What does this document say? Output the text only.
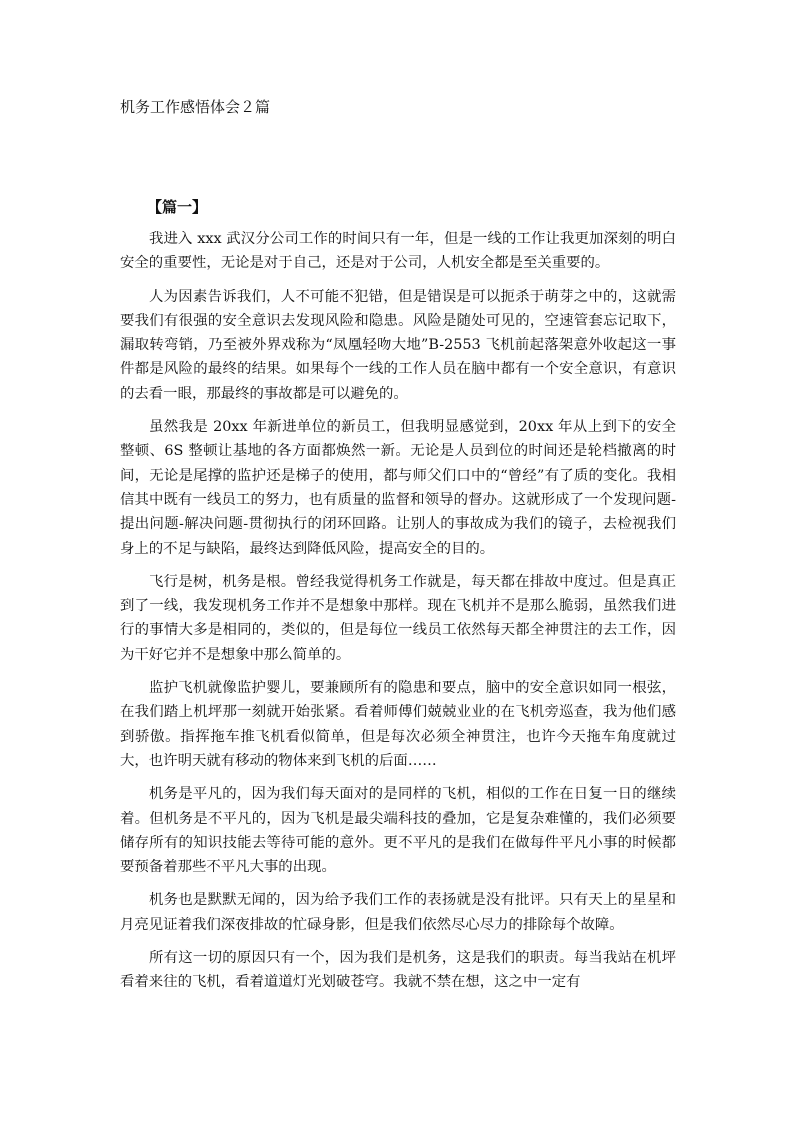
机务工作感悟体会２篇
【篇一】

我进入 xxx 武汉分公司工作的时间只有一年，但是一线的工作让我更加深刻的明白安全的重要性，无论是对于自己，还是对于公司，人机安全都是至关重要的。

人为因素告诉我们，人不可能不犯错，但是错误是可以扼杀于萌芽之中的，这就需要我们有很强的安全意识去发现风险和隐患。风险是随处可见的，空速管套忘记取下，漏取转弯销，乃至被外界戏称为“凤凰轻吻大地”B-2553 飞机前起落架意外收起这一事件都是风险的最终的结果。如果每个一线的工作人员在脑中都有一个安全意识，有意识的去看一眼，那最终的事故都是可以避免的。

虽然我是 20xx 年新进单位的新员工，但我明显感觉到，20xx 年从上到下的安全整顿、6S 整顿让基地的各方面都焕然一新。无论是人员到位的时间还是轮档撤离的时间，无论是尾撑的监护还是梯子的使用，都与师父们口中的“曾经”有了质的变化。我相信其中既有一线员工的努力，也有质量的监督和领导的督办。这就形成了一个发现问题-提出问题-解决问题-贯彻执行的闭环回路。让别人的事故成为我们的镜子，去检视我们身上的不足与缺陷，最终达到降低风险，提高安全的目的。

飞行是树，机务是根。曾经我觉得机务工作就是，每天都在排故中度过。但是真正到了一线，我发现机务工作并不是想象中那样。现在飞机并不是那么脆弱，虽然我们进行的事情大多是相同的，类似的，但是每位一线员工依然每天都全神贯注的去工作，因为干好它并不是想象中那么简单的。

监护飞机就像监护婴儿，要兼顾所有的隐患和要点，脑中的安全意识如同一根弦，在我们踏上机坪那一刻就开始张紧。看着师傅们兢兢业业的在飞机旁巡查，我为他们感到骄傲。指挥拖车推飞机看似简单，但是每次必须全神贯注，也许今天拖车角度就过大，也许明天就有移动的物体来到飞机的后面……

机务是平凡的，因为我们每天面对的是同样的飞机，相似的工作在日复一日的继续着。但机务是不平凡的，因为飞机是最尖端科技的叠加，它是复杂难懂的，我们必须要储存所有的知识技能去等待可能的意外。更不平凡的是我们在做每件平凡小事的时候都要预备着那些不平凡大事的出现。

机务也是默默无闻的，因为给予我们工作的表扬就是没有批评。只有天上的星星和月亮见证着我们深夜排故的忙碌身影，但是我们依然尽心尽力的排除每个故障。

所有这一切的原因只有一个，因为我们是机务，这是我们的职责。每当我站在机坪看着来往的飞机，看着道道灯光划破苍穹。我就不禁在想，这之中一定有
